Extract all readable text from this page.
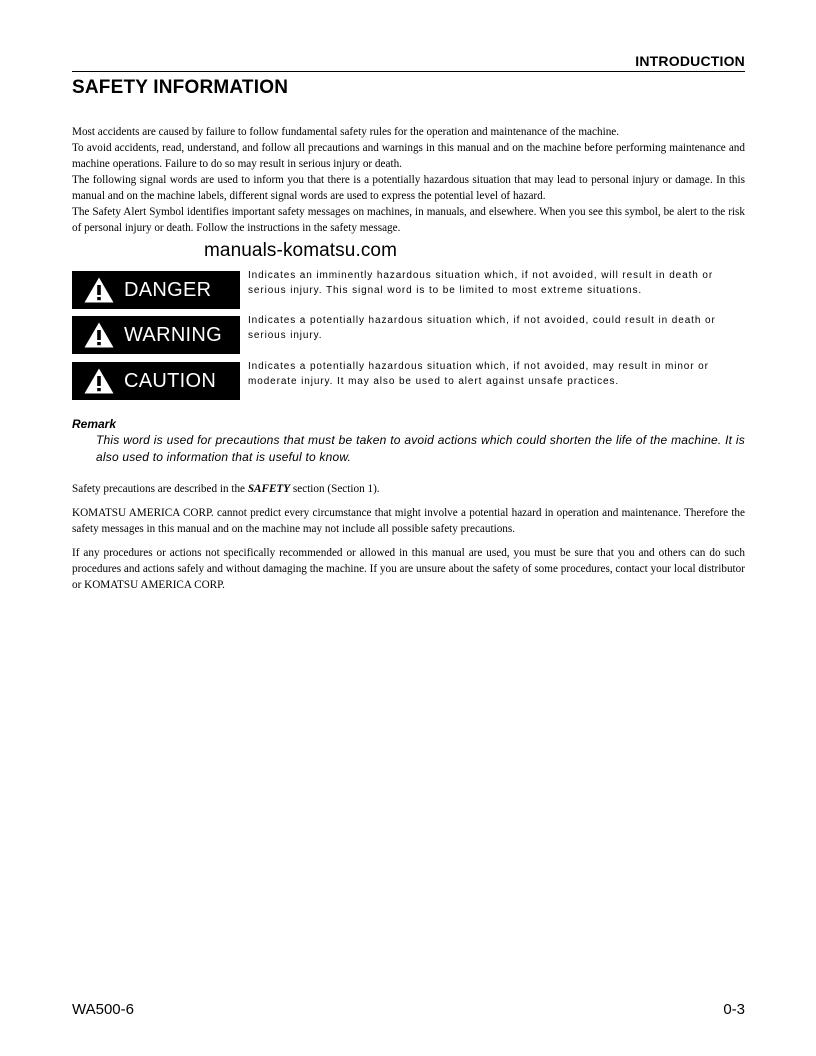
INTRODUCTION
SAFETY INFORMATION

Most accidents are caused by failure to follow fundamental safety rules for the operation and maintenance of the machine.

To avoid accidents, read, understand, and follow all precautions and warnings in this manual and on the machine before performing maintenance and machine operations. Failure to do so may result in serious injury or death.

The following signal words are used to inform you that there is a potentially hazardous situation that may lead to personal injury or damage. In this manual and on the machine labels, different signal words are used to express the potential level of hazard.

The Safety Alert Symbol identifies important safety messages on machines, in manuals, and elsewhere. When you see this symbol, be alert to the risk of personal injury or death. Follow the instructions in the safety message.

manuals-komatsu.com
DANGER
Indicates an imminently hazardous situation which, if not avoided, will result in death or serious injury. This signal word is to be limited to most extreme situations.
WARNING
Indicates a potentially hazardous situation which, if not avoided, could result in death or serious injury.
CAUTION
Indicates a potentially hazardous situation which, if not avoided, may result in minor or moderate injury. It may also be used to alert against unsafe practices.
Remark
This word is used for precautions that must be taken to avoid actions which could shorten the life of the machine. It is also used to information that is useful to know.

Safety precautions are described in the SAFETY section (Section 1).

KOMATSU AMERICA CORP. cannot predict every circumstance that might involve a potential hazard in operation and maintenance. Therefore the safety messages in this manual and on the machine may not include all possible safety precautions.

If any procedures or actions not specifically recommended or allowed in this manual are used, you must be sure that you and others can do such procedures and actions safely and without damaging the machine. If you are unsure about the safety of some procedures, contact your local distributor or KOMATSU AMERICA CORP.

WA500-6	0-3
